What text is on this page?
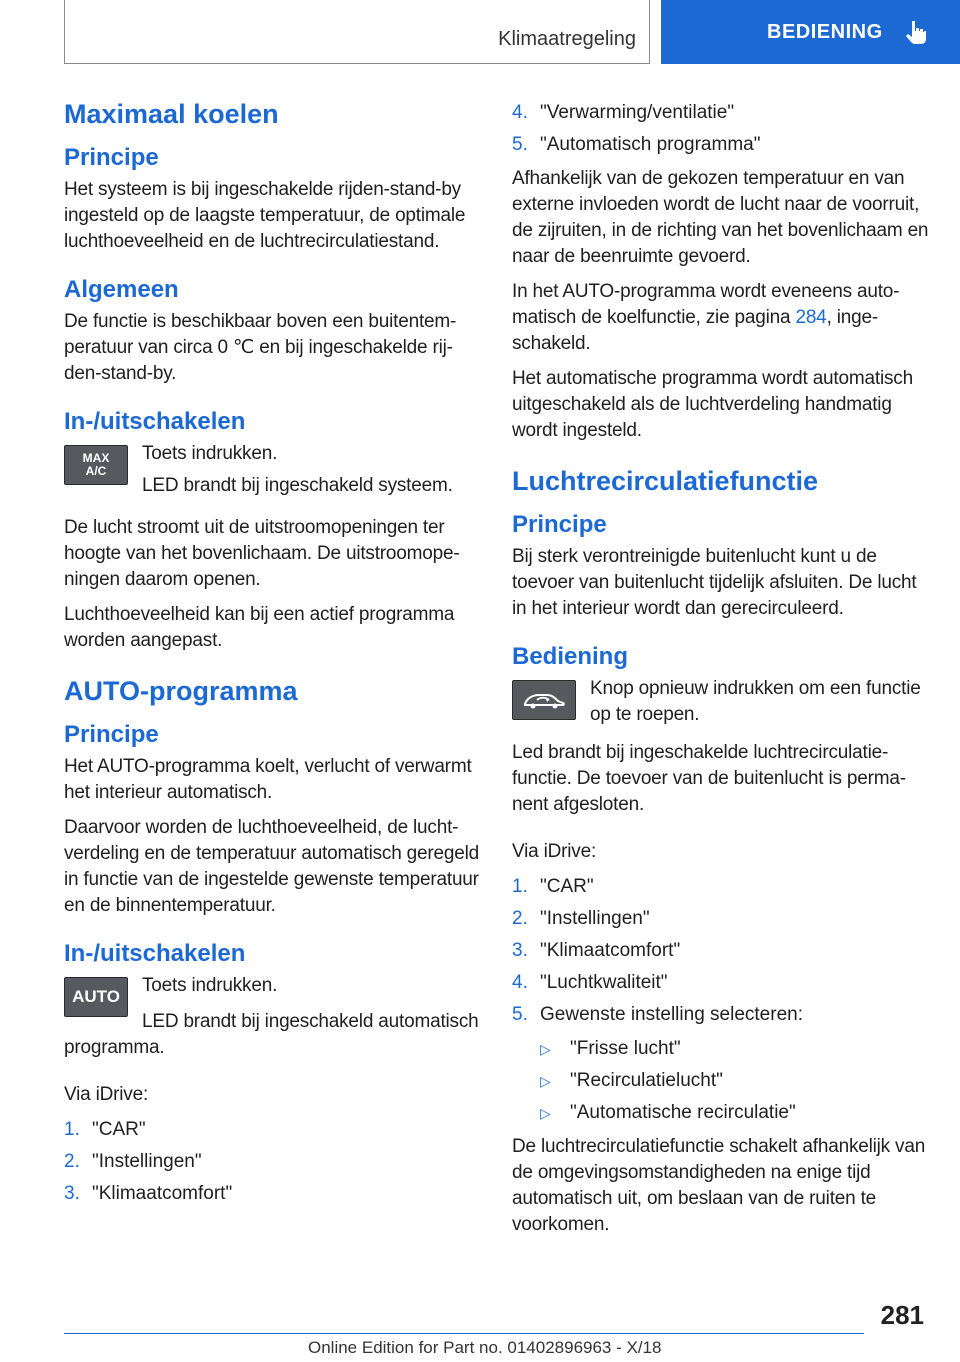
Klimaatregeling	BEDIENING
Maximaal koelen
Principe

Het systeem is bij ingeschakelde rijden-stand-by ingesteld op de laagste temperatuur, de optimale luchthoeveelheid en de luchtrecirculatiestand.

Algemeen

De functie is beschikbaar boven een buitentemperatuur van circa 0 ℃ en bij ingeschakelde rijden-stand-by.

In-/uitschakelen
MAX
A/C

Toets indrukken.

LED brandt bij ingeschakeld systeem.

De lucht stroomt uit de uitstroomopeningen ter hoogte van het bovenlichaam. De uitstroomopeningen daarom openen.

Luchthoeveelheid kan bij een actief programma worden aangepast.

AUTO-programma
Principe

Het AUTO-programma koelt, verlucht of verwarmt het interieur automatisch.

Daarvoor worden de luchthoeveelheid, de luchtverdeling en de temperatuur automatisch geregeld in functie van de ingestelde gewenste temperatuur en de binnentemperatuur.

In-/uitschakelen
AUTO

Toets indrukken.

LED brandt bij ingeschakeld automatisch programma.

Via iDrive:

1. "CAR"
2. "Instellingen"
3. "Klimaatcomfort"
4. "Verwarming/ventilatie"
5. "Automatisch programma"

Afhankelijk van de gekozen temperatuur en van externe invloeden wordt de lucht naar de voorruit, de zijruiten, in de richting van het bovenlichaam en naar de beenruimte gevoerd.

In het AUTO-programma wordt eveneens automatisch de koelfunctie, zie pagina 284, ingeschakeld.

Het automatische programma wordt automatisch uitgeschakeld als de luchtverdeling handmatig wordt ingesteld.

Luchtrecirculatiefunctie
Principe

Bij sterk verontreinigde buitenlucht kunt u de toevoer van buitenlucht tijdelijk afsluiten. De lucht in het interieur wordt dan gerecirculeerd.

Bediening

Knop opnieuw indrukken om een functie op te roepen.

Led brandt bij ingeschakelde luchtrecirculatiefunctie. De toevoer van de buitenlucht is permanent afgesloten.

Via iDrive:

1. "CAR"
2. "Instellingen"
3. "Klimaatcomfort"
4. "Luchtkwaliteit"
5. Gewenste instelling selecteren:
▷	"Frisse lucht"
▷	"Recirculatielucht"
▷	"Automatische recirculatie"

De luchtrecirculatiefunctie schakelt afhankelijk van de omgevingsomstandigheden na enige tijd automatisch uit, om beslaan van de ruiten te voorkomen.

281
Online Edition for Part no. 01402896963 - X/18
